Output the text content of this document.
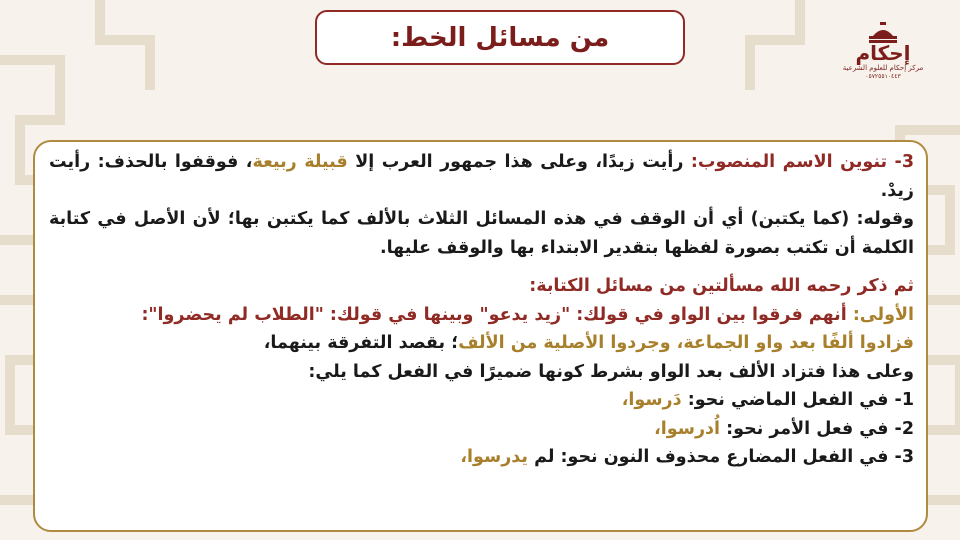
من مسائل الخط:
إحكام
مركز إحكام للعلوم الشرعية
٠٥٧٢٥٥١٠٤٤٣

3- تنوين الاسم المنصوب: رأيت زيدًا، وعلى هذا جمهور العرب إلا قبيلة ربيعة، فوقفوا بالحذف: رأيت زيدْ.

وقوله: (كما يكتبن) أي أن الوقف في هذه المسائل الثلاث بالألف كما يكتبن بها؛ لأن الأصل في كتابة الكلمة أن تكتب بصورة لفظها بتقدير الابتداء بها والوقف عليها.

ثم ذكر رحمه الله مسألتين من مسائل الكتابة:

الأولى: أنهم فرقوا بين الواو في قولك: "زيد يدعو" وبينها في قولك: "الطلاب لم يحضروا":

فزادوا ألفًا بعد واو الجماعة، وجردوا الأصلية من الألف؛ بقصد التفرقة بينهما،

وعلى هذا فتزاد الألف بعد الواو بشرط كونها ضميرًا في الفعل كما يلي:

1- في الفعل الماضي نحو: دَرسوا،

2- في فعل الأمر نحو: اُدرسوا،

3- في الفعل المضارع محذوف النون نحو: لم يدرسوا،
